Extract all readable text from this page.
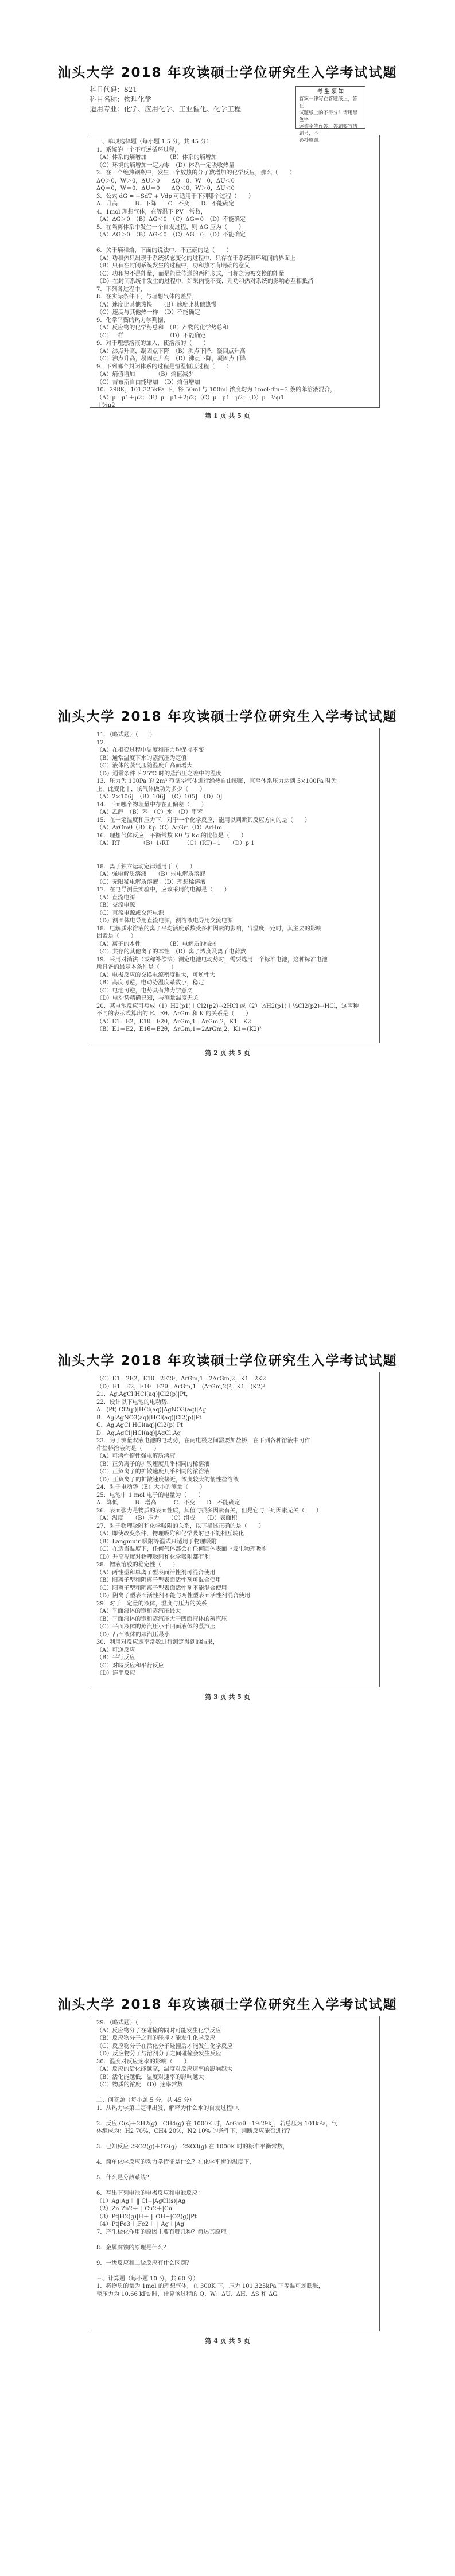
汕头大学 2018 年攻读硕士学位研究生入学考试试题
科目代码：821
科目名称：物理化学
适用专业：化学、应用化学、工业催化、化学工程
考 生 须 知
答案一律写在答题纸上，答在
试题纸上的不得分！请用黑色字
迹签字笔作答，答题要写清题号，不
必抄原题。
一、单项选择题（每小题 1.5 分，共 45 分）
1．系统的一个不可逆循环过程，
（A）体系的熵增加　　　　（B）体系的熵增加
（C）环境的熵增加一定为零　（D）体系一定吸收热量
2．在一个绝热钢瓶中，发生一个放热的分子数增加的化学反应，那么（　　）
ΔQ＞0，W＞0，ΔU＞0　　ΔQ＝0，W＝0，ΔU＜0
ΔQ＝0，W＝0，ΔU＝0　　ΔQ＜0，W＞0，ΔU＜0
3．公式 dG = −SdT + Vdp 可适用于下列哪个过程（　　）
A．升高　　　B．下降　　C．不变　　D．不能确定
4．1mol 理想气体，在等温下 PV＝常数，
（A）ΔG＞0　（B）ΔG＜0　（C）ΔG＝0　（D）不能确定
5．在隔离体系中发生一个自发过程，则 ΔG 应为（　　）
（A）ΔG＞0　（B）ΔG＜0　（C）ΔG＝0　（D）不能确定
6．关于熵和焓，下面的说法中，不正确的是（　　）
（A）功和热只出现于系统状态变化的过程中，只存在于系统和环境间的界面上
（B）只有在封闭系统发生的过程中，功和热才有明确的意义
（C）功和热不是能量，而是能量传递的两种形式，可称之为被交换的能量
（D）在封闭系统中发生的过程中，如果内能不变，则功和热对系统的影响必互相抵消
7．下列各过程中，
8．在实际条件下，与理想气体的差异，
（A）速度比其他热快　　（B）速度比其他热慢
（C）速度与其他热一样　（D）不能确定
9．化学平衡的热力学判据，
（A）反应物的化学势总和　（B）产物的化学势总和
（C）一样　　　　　　　　（D）不能确定
9．对于理想溶液的加入，使溶液的（　　）
（A）沸点升高，凝固点下降　（B）沸点下降，凝固点升高
（C）沸点升高，凝固点升高　（D）沸点下降，凝固点下降
9．下列哪个封闭体系的过程是恒温恒压过程（　　）
（A）熵值增加　　　　（B）熵值减少
（C）吉布斯自由能增加　（D）焓值增加
10．298K，101.325kPa 下，将 50ml 与 100ml 浓度均为 1mol·dm−3 萘的苯溶液混合，
（A）μ＝μ1＋μ2；（B）μ＝μ1＋2μ2；（C）μ＝μ1＝μ2；（D）μ＝⅓μ1
＋⅔μ2
第 1 页 共 5 页
汕头大学 2018 年攻读硕士学位研究生入学考试试题
11．（略式题）（　　）
12．
（A）在相变过程中温度和压力均保持不变
（B）通常温度下水的蒸汽压为定值
（C）液体的蒸气压随温度升高而增大
（D）通常条件下 25℃ 时的蒸汽压之差中的温度
13．压力为 100Pa 的 2m³ 范德华气体进行绝热自由膨胀，直至体系压力达到 5×100Pa 时为
止，此变化中，该气体做功为多少（　　）
（A）2×106J　（B）106J　（C）105J　（D）0J
14．下面哪个物理量中存在正偏差（　　）
（A）乙醇　（B）苯　（C）水　（D）甲苯
15．在一定温度和压力下，对于一个化学反应，能用以判断其反应方向的是（　　）
（A）ΔrGmθ（B）Kp（C）ΔrGm（D）ΔrHm
16．理想气体反应，平衡常数 Kθ 与 Kc 的比值是（　　）
（A）RT　　　　（B）1/RT　　　（C）(RT)−1　　（D）p·1
18．离子独立运动定律适用于（　　）
（A）强电解质溶液　　（B）弱电解质溶液
（C）无限稀电解质溶液　（D）理想稀溶液
17．在电导测量实验中，应该采用的电源是（　　）
（A）直流电源
（B）交流电源
（C）直流电源或交流电源
（D）测固体电导用直流电源，测溶液电导用交流电源
18．电解质水溶液的离子平均活度系数受多种因素的影响，当温度一定时，其主要的影响
因素是（　　）
（A）离子的本性　　　　　（B）电解质的强弱
（C）共存的其他离子的本性　（D）离子浓度及离子电荷数
19．采用对消法（或称补偿法）测定电池电动势时，需要选用一个标准电池，这种标准电池
所具备的最基本条件是（　　）
（A）电极反应的交换电流密度很大，可逆性大
（B）高度可逆，电动势温度系数小，稳定
（C）电池可逆，电势具有热力学意义
（D）电动势精确已知，与测量温度无关
20．某电池反应可写成（1）H2(p1)＋Cl2(p2)→2HCl 或（2）½H2(p1)＋½Cl2(p2)→HCl，这两种
不同的表示式算出的 E、Eθ、ΔrGm 和 K 的关系是（　　）
（A）E1＝E2，E1θ＝E2θ，ΔrGm,1＝ΔrGm,2，K1＝K2
（B）E1＝E2，E1θ＝E2θ，ΔrGm,1＝2ΔrGm,2，K1＝(K2)²
第 2 页 共 5 页
汕头大学 2018 年攻读硕士学位研究生入学考试试题
（C）E1＝2E2，E1θ＝2E2θ，ΔrGm,1＝2ΔrGm,2，K1＝2K2
（D）E1＝E2，E1θ＝E2θ，ΔrGm,1＝(ΔrGm,2)²，K1＝(K2)²
21．Ag,AgCl|HCl(aq)|Cl2(p)|Pt，
22．设计以下电池的电动势，
A．(Pt)|Cl2(p)|HCl(aq)|AgNO3(aq)|Ag
B．Ag|AgNO3(aq)|HCl(aq)|Cl2(p)|Pt
C．Ag,AgCl|HCl(aq)|Cl2(p)|Pt
D．Ag,AgCl|HCl(aq)|AgCl,Ag
23．为了测量双液电池的电动势，在两电极之间需要加盐桥，在下列各种溶液中可作
作盐桥溶液的是（　　）
（A）可溶性惰性强电解质溶液
（B）正负离子的扩散速度几乎相同的稀溶液
（C）正负离子的扩散速度几乎相同的浓溶液
（D）正负离子的扩散速度接近，浓度较大的惰性盐溶液
24．对于电动势（E）大小的测量（　　）
25．电池中 1 mol 电子的电量为（　　）
A．降低　　　B．增高　　　C．不变　　D．不能确定
26．表面张力是物质的表面性质，其值与很多因素有关，但是它与下列因素无关（　　）
（A）温度　　（B）压力　　（C）组成　　（D）表面积
27．对于物理吸附和化学吸附的关系，以下描述正确的是（　　）
（A）即使改变条件，物理吸附和化学吸附也不能相互转化
（B）Langmuir 吸附等温式只适用于物理吸附
（C）在适当温度下，任何气体都会在任何固体表面上发生物理吸附
（D）升高温度对物理吸附和化学吸附都有利
28．憎液溶胶的稳定性（　　）
（A）两性型和单离子型表面活性剂可混合使用
（B）阳离子型和阴离子型表面活性剂可混合使用
（C）阳离子型和阴离子型表面活性剂不能混合使用
（D）阴离子型表面活性剂不能与两性型表面活性剂混合使用
29．对于一定量的液体，温度与压力的关系，
（A）平面液体的饱和蒸汽压最大
（B）平面液体的饱和蒸汽压大于凹面液体的蒸汽压
（C）平面液体的蒸汽压小于凹面液体的蒸汽压
（D）凸面液体的蒸汽压最小
30．利用对反应速率常数进行测定得到的结果，
（A）可逆反应
（B）平行反应
（C）对峙反应和平行反应
（D）连串反应
第 3 页 共 5 页
汕头大学 2018 年攻读硕士学位研究生入学考试试题
29．（略式题）（　　）
（A）反应物分子在碰撞的同时可能发生化学反应
（B）反应物分子之间的碰撞才能发生化学反应
（C）反应物分子在活化分子碰撞后才能发生化学反应
（D）反应物分子与溶剂分子之间碰撞会发生反应
30．温度对反应速率的影响（　　）
（A）反应的活化能越高，温度对反应速率的影响越大
（B）活化能越低，温度对速率的影响越大
（C）物质的浓度　（D）速率常数
二、问答题（每小题 5 分，共 45 分）
1．从热力学第二定律出发，解释为什么水的自发过程中，
2．反应 C(s)＋2H2(g)＝CH4(g) 在 1000K 时，ΔrGmθ＝19.29kJ，若总压为 101kPa，气
体组成为：H2 70%，CH4 20%，N2 10% 的条件下，判断反应能否进行？
3．已知反应 2SO2(g)＋O2(g)＝2SO3(g) 在 1000K 时的标准平衡常数，
4．简单化学反应的动力学特征是什么？在化学平衡的温度下，
5．什么是分散系统？
6．写出下列电池的电极反应和电池反应：
（1）Ag|Ag＋ ‖ Cl−|AgCl(s)|Ag
（2）Zn|Zn2＋ ‖ Cu2＋|Cu
（3）Pt|H2(g)|H＋ ‖ OH−|O2(g)|Pt
（4）Pt|Fe3＋,Fe2＋ ‖ Ag＋|Ag
7．产生极化作用的原因主要有哪几种？简述其原理。
8．金属腐蚀的原理是什么？
9．一级反应和二级反应有什么区别？
三、计算题（每小题 10 分，共 60 分）
1．将物质的量为 1mol 的理想气体，在 300K 下，压力 101.325kPa 下等温可逆膨胀，
至压力为 10.66 kPa 时，计算该过程的 Q、W、ΔU、ΔH、ΔS 和 ΔG。
第 4 页 共 5 页
